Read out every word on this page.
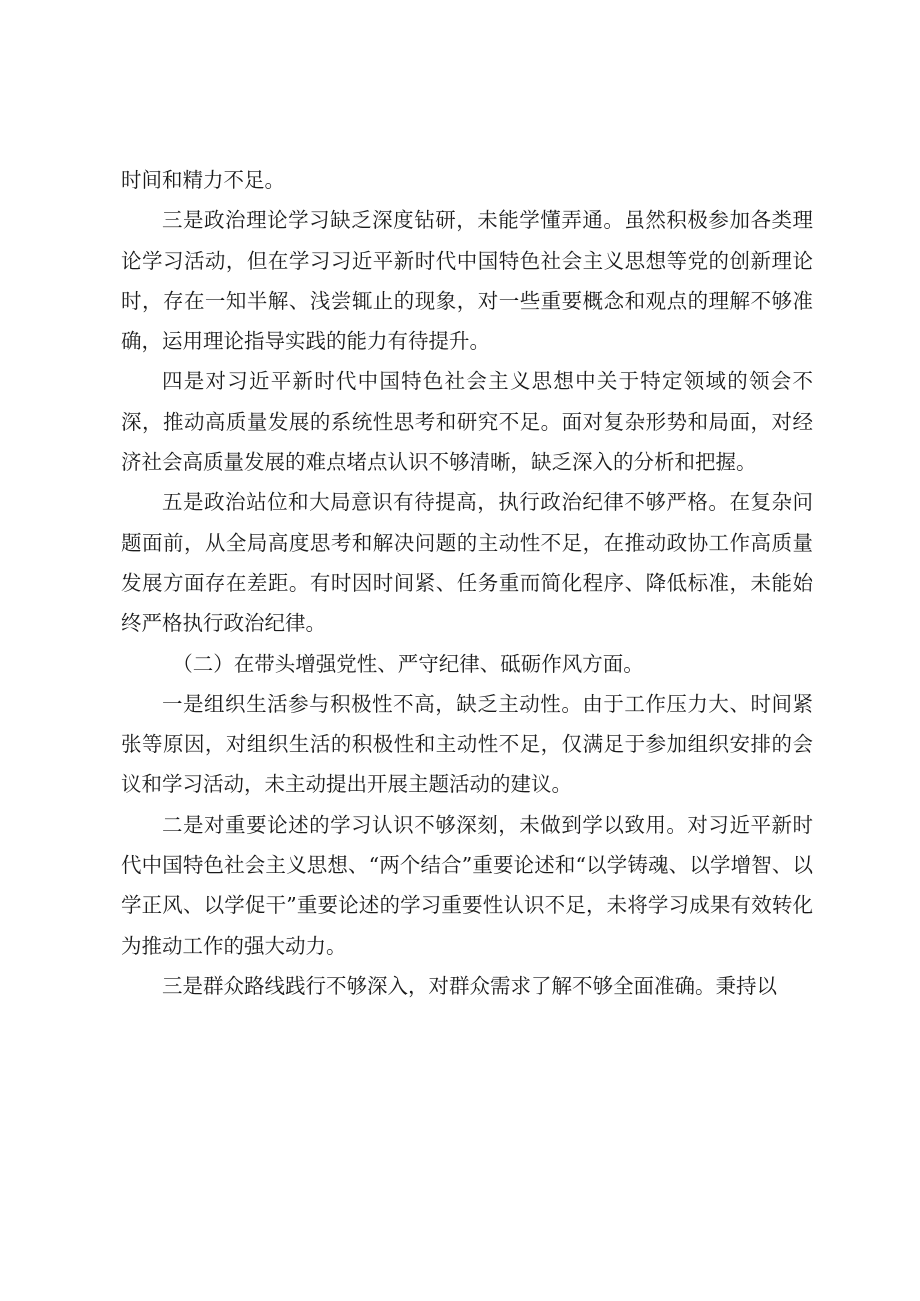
时间和精力不足。

三是政治理论学习缺乏深度钻研，未能学懂弄通。虽然积极参加各类理论学习活动，但在学习习近平新时代中国特色社会主义思想等党的创新理论时，存在一知半解、浅尝辄止的现象，对一些重要概念和观点的理解不够准确，运用理论指导实践的能力有待提升。

四是对习近平新时代中国特色社会主义思想中关于特定领域的领会不深，推动高质量发展的系统性思考和研究不足。面对复杂形势和局面，对经济社会高质量发展的难点堵点认识不够清晰，缺乏深入的分析和把握。

五是政治站位和大局意识有待提高，执行政治纪律不够严格。在复杂问题面前，从全局高度思考和解决问题的主动性不足，在推动政协工作高质量发展方面存在差距。有时因时间紧、任务重而简化程序、降低标准，未能始终严格执行政治纪律。

（二）在带头增强党性、严守纪律、砥砺作风方面。

一是组织生活参与积极性不高，缺乏主动性。由于工作压力大、时间紧张等原因，对组织生活的积极性和主动性不足，仅满足于参加组织安排的会议和学习活动，未主动提出开展主题活动的建议。

二是对重要论述的学习认识不够深刻，未做到学以致用。对习近平新时代中国特色社会主义思想、“两个结合”重要论述和“以学铸魂、以学增智、以学正风、以学促干”重要论述的学习重要性认识不足，未将学习成果有效转化为推动工作的强大动力。

三是群众路线践行不够深入，对群众需求了解不够全面准确。秉持以
